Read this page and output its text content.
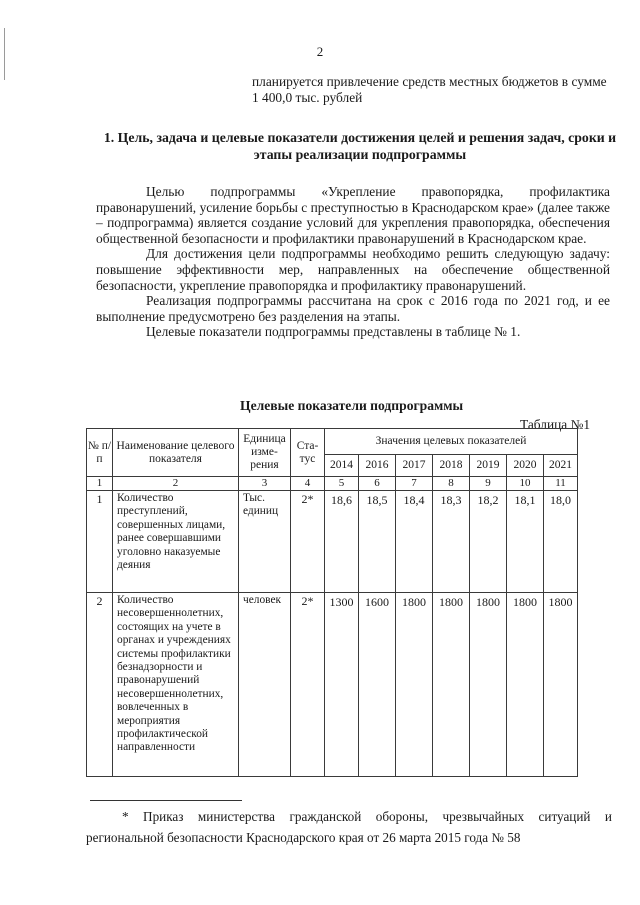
2
планируется привлечение средств местных бюджетов в сумме 1 400,0 тыс. рублей
1. Цель, задача и целевые показатели достижения целей и решения задач, сроки и этапы реализации подпрограммы

Целью подпрограммы «Укрепление правопорядка, профилактика правонарушений, усиление борьбы с преступностью в Краснодарском крае» (далее также – подпрограмма) является создание условий для укрепления правопорядка, обеспечения общественной безопасности и профилактики правонарушений в Краснодарском крае.

Для достижения цели подпрограммы необходимо решить следующую задачу: повышение эффективности мер, направленных на обеспечение общественной безопасности, укрепление правопорядка и профилактику правонарушений.

Реализация подпрограммы рассчитана на срок с 2016 года по 2021 год, и ее выполнение предусмотрено без разделения на этапы.

Целевые показатели подпрограммы представлены в таблице № 1.

Целевые показатели подпрограммы
Таблица №1
№ п/п	Наименование целевого показателя	Единица изме-рения	Ста-тус	Значения целевых показателей						
				2014	2016	2017	2018	2019	2020	2021
1	2	3	4	5	6	7	8	9	10	11
1	Количество преступлений, совершенных лицами, ранее совершавшими уголовно наказуемые деяния	Тыс. единиц	2*	18,6	18,5	18,4	18,3	18,2	18,1	18,0
2	Количество несовершеннолетних, состоящих на учете в органах и учреждениях системы профилактики безнадзорности и правонарушений несовершеннолетних, вовлеченных в мероприятия профилактической направленности	человек	2*	1300	1600	1800	1800	1800	1800	1800
* Приказ министерства гражданской обороны, чрезвычайных ситуаций и региональной безопасности Краснодарского края от 26 марта 2015 года № 58
